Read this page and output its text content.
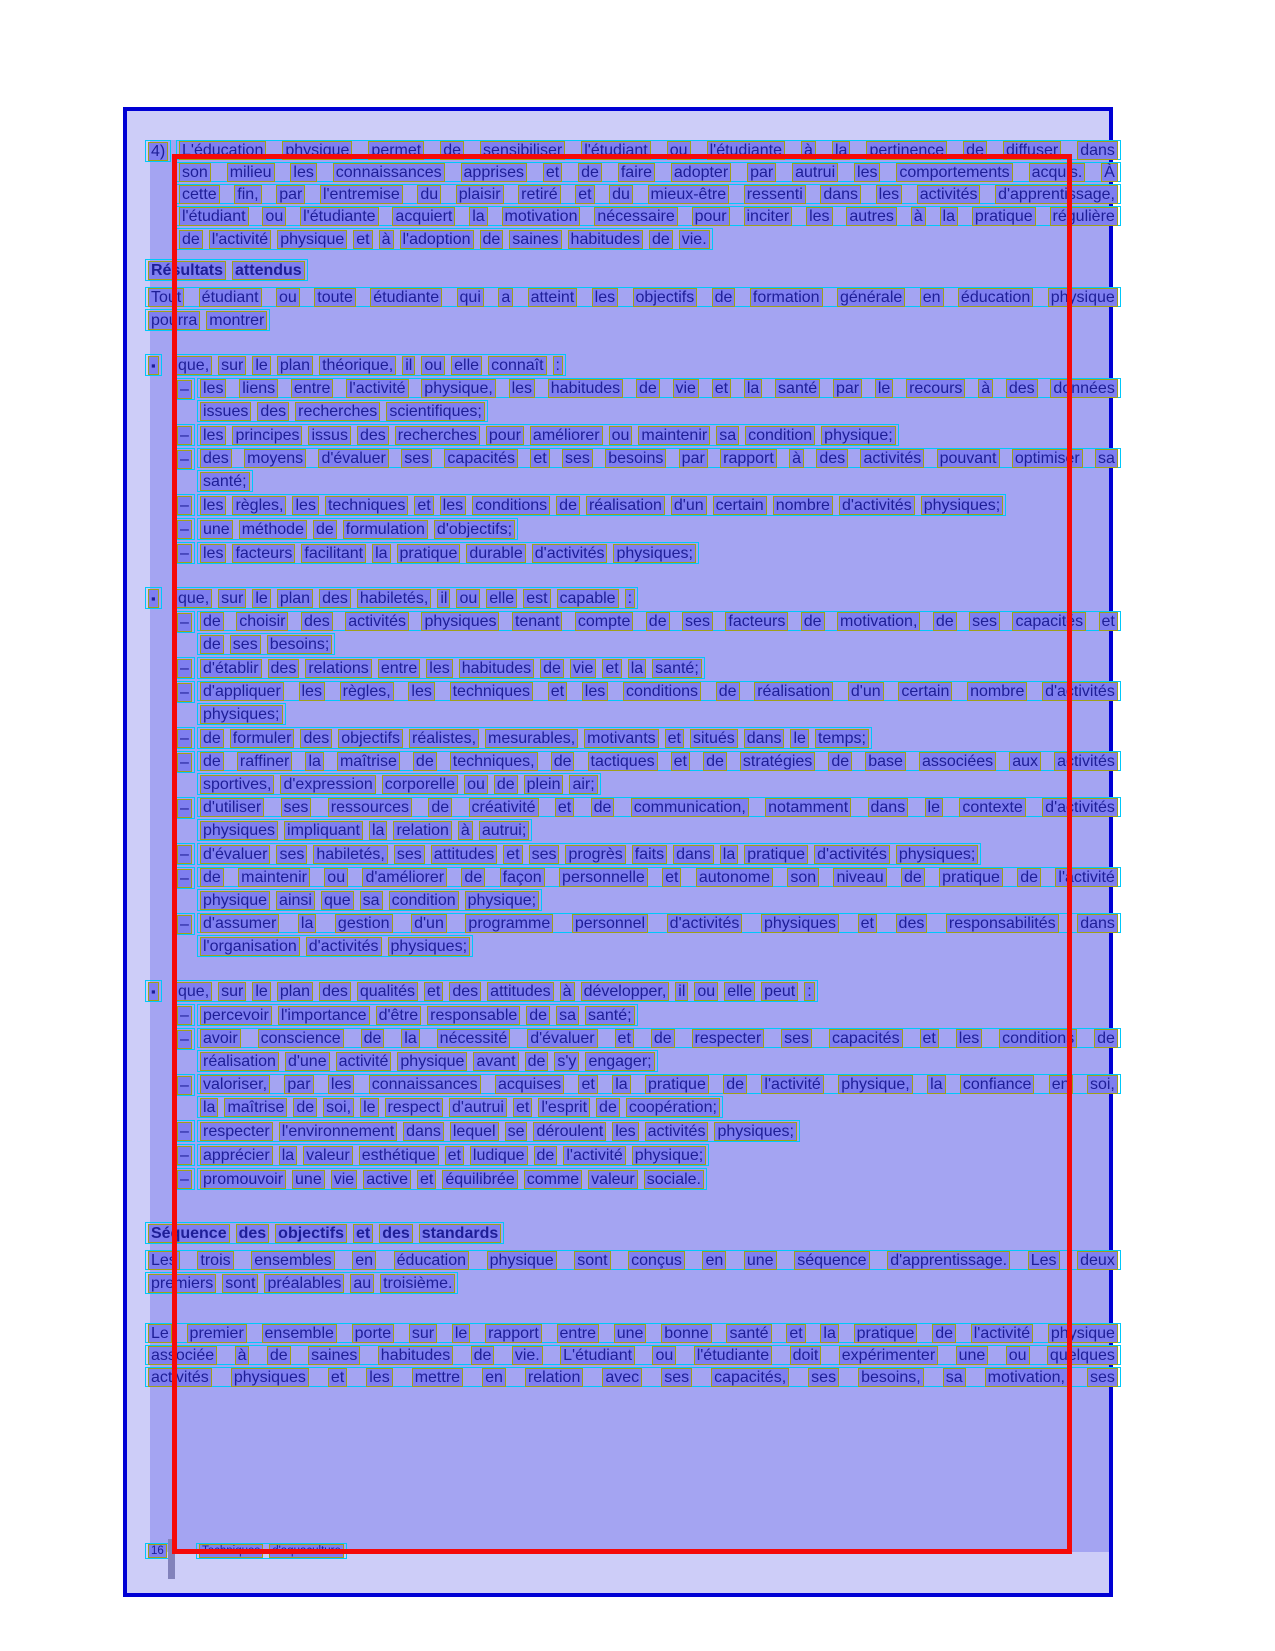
4) L'éducation physique permet de sensibiliser l'étudiant ou l'étudiante à la pertinence de diffuser dans
son milieu les connaissances apprises et de faire adopter par autrui les comportements acquis. À
cette fin, par l'entremise du plaisir retiré et du mieux-être ressenti dans les activités d'apprentissage,
l'étudiant ou l'étudiante acquiert la motivation nécessaire pour inciter les autres à la pratique régulière
de l'activité physique et à l'adoption de saines habitudes de vie.
Résultats attendus
Tout étudiant ou toute étudiante qui a atteint les objectifs de formation générale en éducation physique
pourra montrer
▪ que, sur le plan théorique, il ou elle connaît :
– les liens entre l'activité physique, les habitudes de vie et la santé par le recours à des données
issues des recherches scientifiques;
– les principes issus des recherches pour améliorer ou maintenir sa condition physique;
– des moyens d'évaluer ses capacités et ses besoins par rapport à des activités pouvant optimiser sa
santé;
– les règles, les techniques et les conditions de réalisation d'un certain nombre d'activités physiques;
– une méthode de formulation d'objectifs;
– les facteurs facilitant la pratique durable d'activités physiques;
▪ que, sur le plan des habiletés, il ou elle est capable :
– de choisir des activités physiques tenant compte de ses facteurs de motivation, de ses capacités et
de ses besoins;
– d'établir des relations entre les habitudes de vie et la santé;
– d'appliquer les règles, les techniques et les conditions de réalisation d'un certain nombre d'activités
physiques;
– de formuler des objectifs réalistes, mesurables, motivants et situés dans le temps;
– de raffiner la maîtrise de techniques, de tactiques et de stratégies de base associées aux activités
sportives, d'expression corporelle ou de plein air;
– d'utiliser ses ressources de créativité et de communication, notamment dans le contexte d'activités
physiques impliquant la relation à autrui;
– d'évaluer ses habiletés, ses attitudes et ses progrès faits dans la pratique d'activités physiques;
– de maintenir ou d'améliorer de façon personnelle et autonome son niveau de pratique de l'activité
physique ainsi que sa condition physique;
– d'assumer la gestion d'un programme personnel d'activités physiques et des responsabilités dans
l'organisation d'activités physiques;
▪ que, sur le plan des qualités et des attitudes à développer, il ou elle peut :
– percevoir l'importance d'être responsable de sa santé;
– avoir conscience de la nécessité d'évaluer et de respecter ses capacités et les conditions de
réalisation d'une activité physique avant de s'y engager;
– valoriser, par les connaissances acquises et la pratique de l'activité physique, la confiance en soi,
la maîtrise de soi, le respect d'autrui et l'esprit de coopération;
– respecter l'environnement dans lequel se déroulent les activités physiques;
– apprécier la valeur esthétique et ludique de l'activité physique;
– promouvoir une vie active et équilibrée comme valeur sociale.
Séquence des objectifs et des standards
Les trois ensembles en éducation physique sont conçus en une séquence d'apprentissage. Les deux
premiers sont préalables au troisième.
Le premier ensemble porte sur le rapport entre une bonne santé et la pratique de l'activité physique
associée à de saines habitudes de vie. L'étudiant ou l'étudiante doit expérimenter une ou quelques
activités physiques et les mettre en relation avec ses capacités, ses besoins, sa motivation, ses
16	Techniques d'aquaculture
